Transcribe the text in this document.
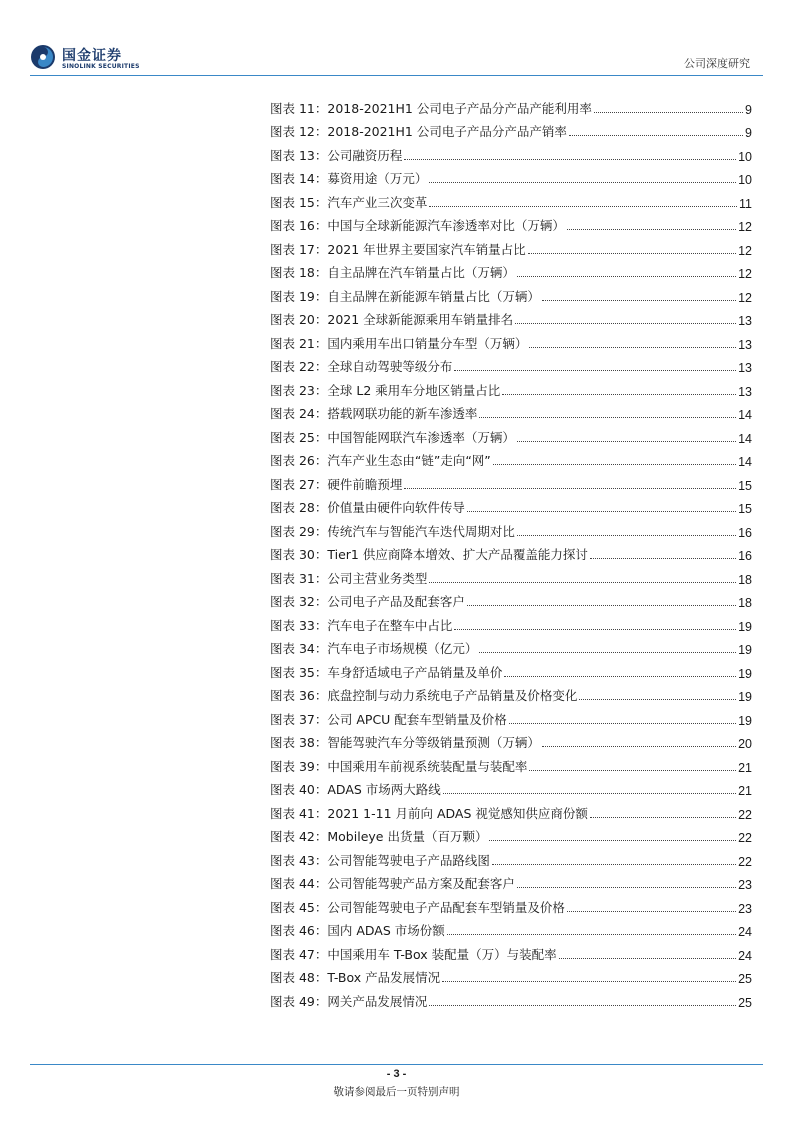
国金证券
SINOLINK SECURITIES	公司深度研究
图表 11：2018-2021H1 公司电子产品分产品产能利用率	9
图表 12：2018-2021H1 公司电子产品分产品产销率	9
图表 13：公司融资历程	10
图表 14：募资用途（万元）	10
图表 15：汽车产业三次变革	11
图表 16：中国与全球新能源汽车渗透率对比（万辆）	12
图表 17：2021 年世界主要国家汽车销量占比	12
图表 18：自主品牌在汽车销量占比（万辆）	12
图表 19：自主品牌在新能源车销量占比（万辆）	12
图表 20：2021 全球新能源乘用车销量排名	13
图表 21：国内乘用车出口销量分车型（万辆）	13
图表 22：全球自动驾驶等级分布	13
图表 23：全球 L2 乘用车分地区销量占比	13
图表 24：搭载网联功能的新车渗透率	14
图表 25：中国智能网联汽车渗透率（万辆）	14
图表 26：汽车产业生态由“链”走向“网”	14
图表 27：硬件前瞻预埋	15
图表 28：价值量由硬件向软件传导	15
图表 29：传统汽车与智能汽车迭代周期对比	16
图表 30：Tier1 供应商降本增效、扩大产品覆盖能力探讨	16
图表 31：公司主营业务类型	18
图表 32：公司电子产品及配套客户	18
图表 33：汽车电子在整车中占比	19
图表 34：汽车电子市场规模（亿元）	19
图表 35：车身舒适域电子产品销量及单价	19
图表 36：底盘控制与动力系统电子产品销量及价格变化	19
图表 37：公司 APCU 配套车型销量及价格	19
图表 38：智能驾驶汽车分等级销量预测（万辆）	20
图表 39：中国乘用车前视系统装配量与装配率	21
图表 40：ADAS 市场两大路线	21
图表 41：2021 1-11 月前向 ADAS 视觉感知供应商份额	22
图表 42：Mobileye 出货量（百万颗）	22
图表 43：公司智能驾驶电子产品路线图	22
图表 44：公司智能驾驶产品方案及配套客户	23
图表 45：公司智能驾驶电子产品配套车型销量及价格	23
图表 46：国内 ADAS 市场份额	24
图表 47：中国乘用车 T-Box 装配量（万）与装配率	24
图表 48：T-Box 产品发展情况	25
图表 49：网关产品发展情况	25
- 3 -
敬请参阅最后一页特别声明
